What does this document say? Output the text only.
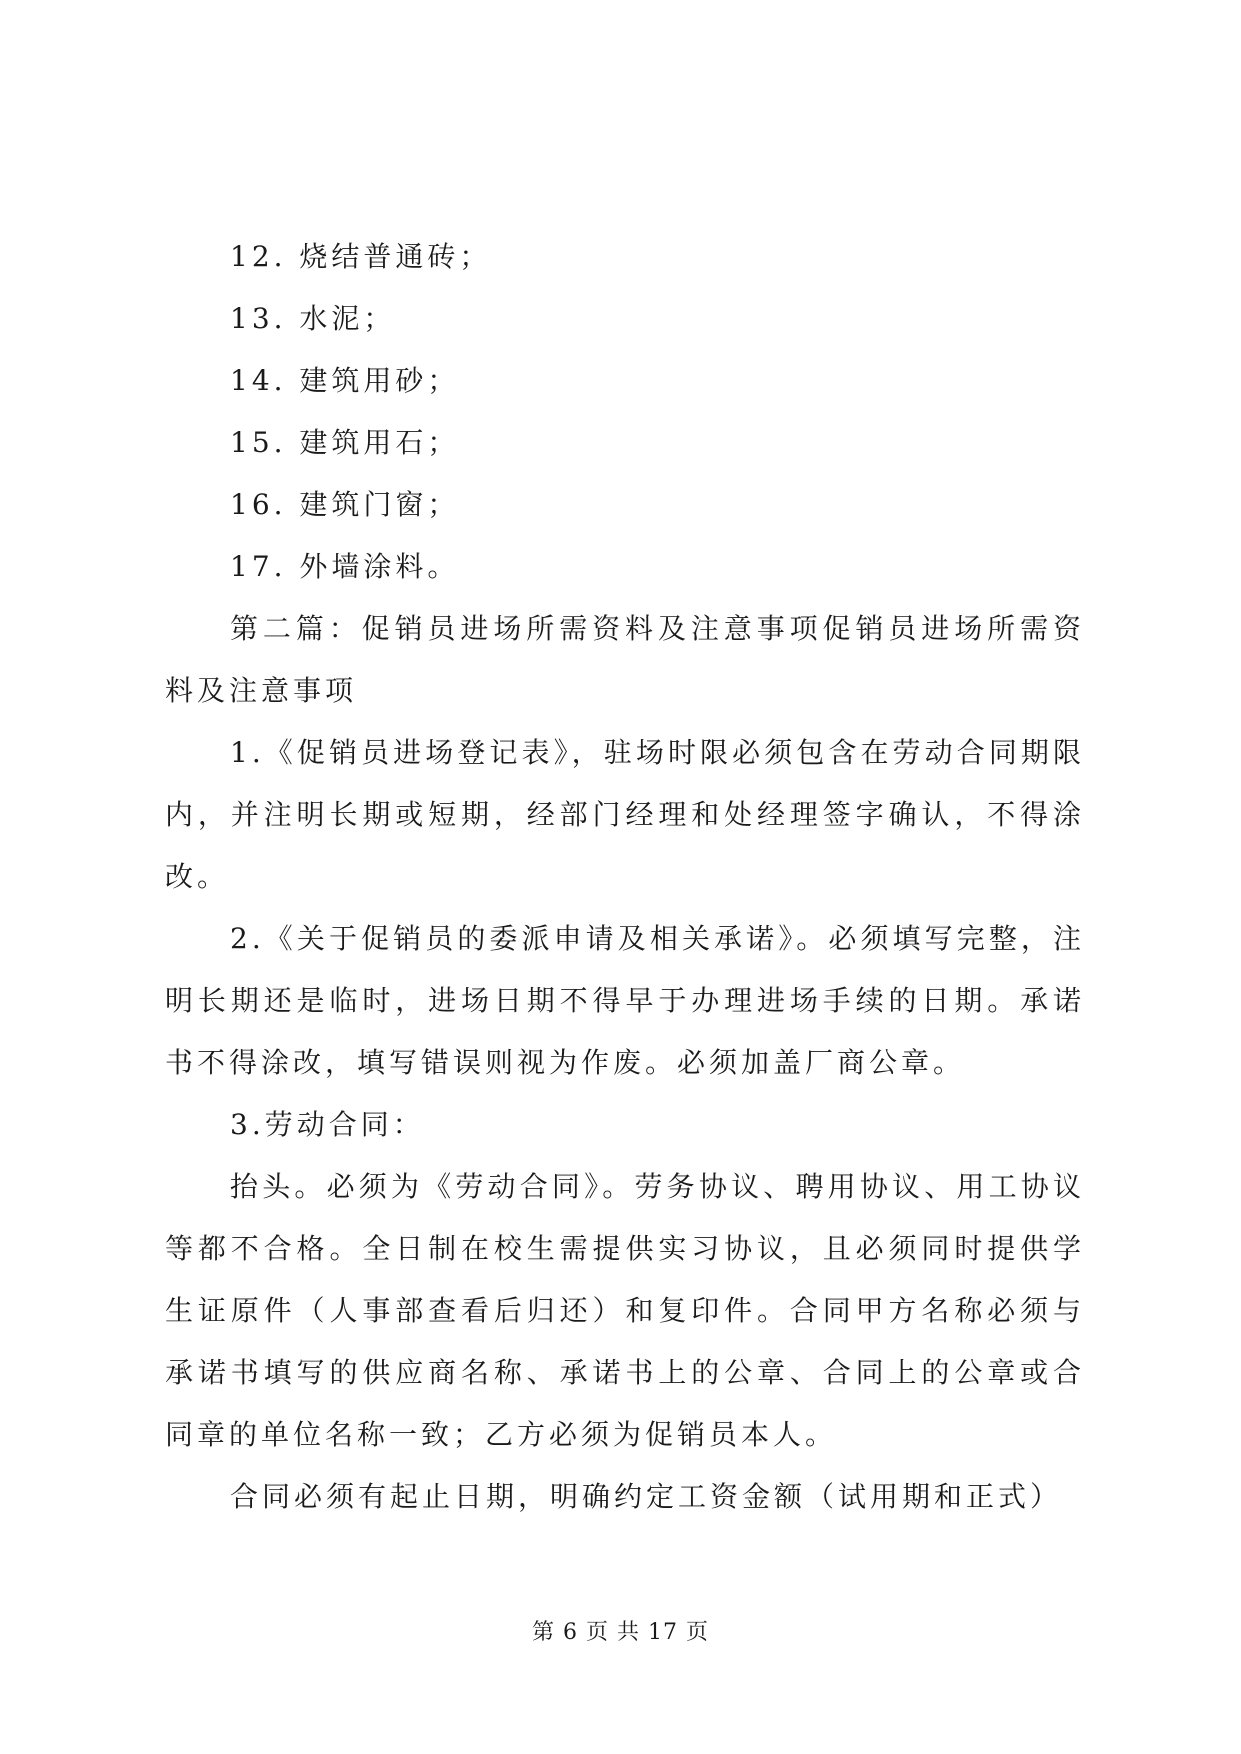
12. 烧结普通砖；
13. 水泥；
14. 建筑用砂；
15. 建筑用石；
16. 建筑门窗；
17. 外墙涂料。

第二篇：促销员进场所需资料及注意事项促销员进场所需资料及注意事项

1.《促销员进场登记表》，驻场时限必须包含在劳动合同期限内，并注明长期或短期，经部门经理和处经理签字确认，不得涂改。

2.《关于促销员的委派申请及相关承诺》。必须填写完整，注明长期还是临时，进场日期不得早于办理进场手续的日期。承诺书不得涂改，填写错误则视为作废。必须加盖厂商公章。

3.劳动合同：

抬头。必须为《劳动合同》。劳务协议、聘用协议、用工协议等都不合格。全日制在校生需提供实习协议，且必须同时提供学生证原件（人事部查看后归还）和复印件。合同甲方名称必须与承诺书填写的供应商名称、承诺书上的公章、合同上的公章或合同章的单位名称一致；乙方必须为促销员本人。

合同必须有起止日期，明确约定工资金额（试用期和正式）

第 6 页 共 17 页
